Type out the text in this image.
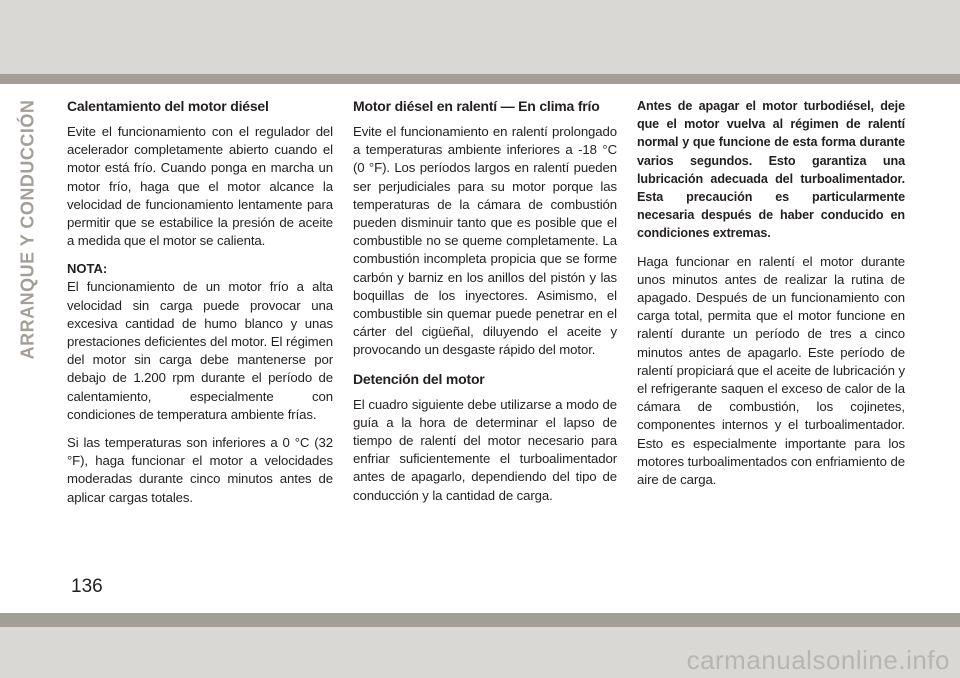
ARRANQUE Y CONDUCCIÓN Calentamiento del motor diésel

Evite el funcionamiento con el regulador del acelerador completamente abierto cuando el motor está frío. Cuando ponga en marcha un motor frío, haga que el motor alcance la velocidad de funcionamiento lentamente para permitir que se estabilice la presión de aceite a medida que el motor se calienta.

NOTA:

El funcionamiento de un motor frío a alta velocidad sin carga puede provocar una excesiva cantidad de humo blanco y unas prestaciones deficientes del motor. El régimen del motor sin carga debe mantenerse por debajo de 1.200 rpm durante el período de calentamiento, especialmente con condiciones de temperatura ambiente frías.

Si las temperaturas son inferiores a 0 °C (32 °F), haga funcionar el motor a velocidades moderadas durante cinco minutos antes de aplicar cargas totales.

Motor diésel en ralentí — En clima frío

Evite el funcionamiento en ralentí prolongado a temperaturas ambiente inferiores a -18 °C (0 °F). Los períodos largos en ralentí pueden ser perjudiciales para su motor porque las temperaturas de la cámara de combustión pueden disminuir tanto que es posible que el combustible no se queme completamente. La combustión incompleta propicia que se forme carbón y barniz en los anillos del pistón y las boquillas de los inyectores. Asimismo, el combustible sin quemar puede penetrar en el cárter del cigüeñal, diluyendo el aceite y provocando un desgaste rápido del motor.

Detención del motor

El cuadro siguiente debe utilizarse a modo de guía a la hora de determinar el lapso de tiempo de ralentí del motor necesario para enfriar suficientemente el turboalimentador antes de apagarlo, dependiendo del tipo de conducción y la cantidad de carga.

Antes de apagar el motor turbodiésel, deje que el motor vuelva al régimen de ralentí normal y que funcione de esta forma durante varios segundos. Esto garantiza una lubricación adecuada del turboalimentador. Esta precaución es particularmente necesaria después de haber conducido en condiciones extremas.

Haga funcionar en ralentí el motor durante unos minutos antes de realizar la rutina de apagado. Después de un funcionamiento con carga total, permita que el motor funcione en ralentí durante un período de tres a cinco minutos antes de apagarlo. Este período de ralentí propiciará que el aceite de lubricación y el refrigerante saquen el exceso de calor de la cámara de combustión, los cojinetes, componentes internos y el turboalimentador. Esto es especialmente importante para los motores turboalimentados con enfriamiento de aire de carga.

136
carmanualsonline.info
